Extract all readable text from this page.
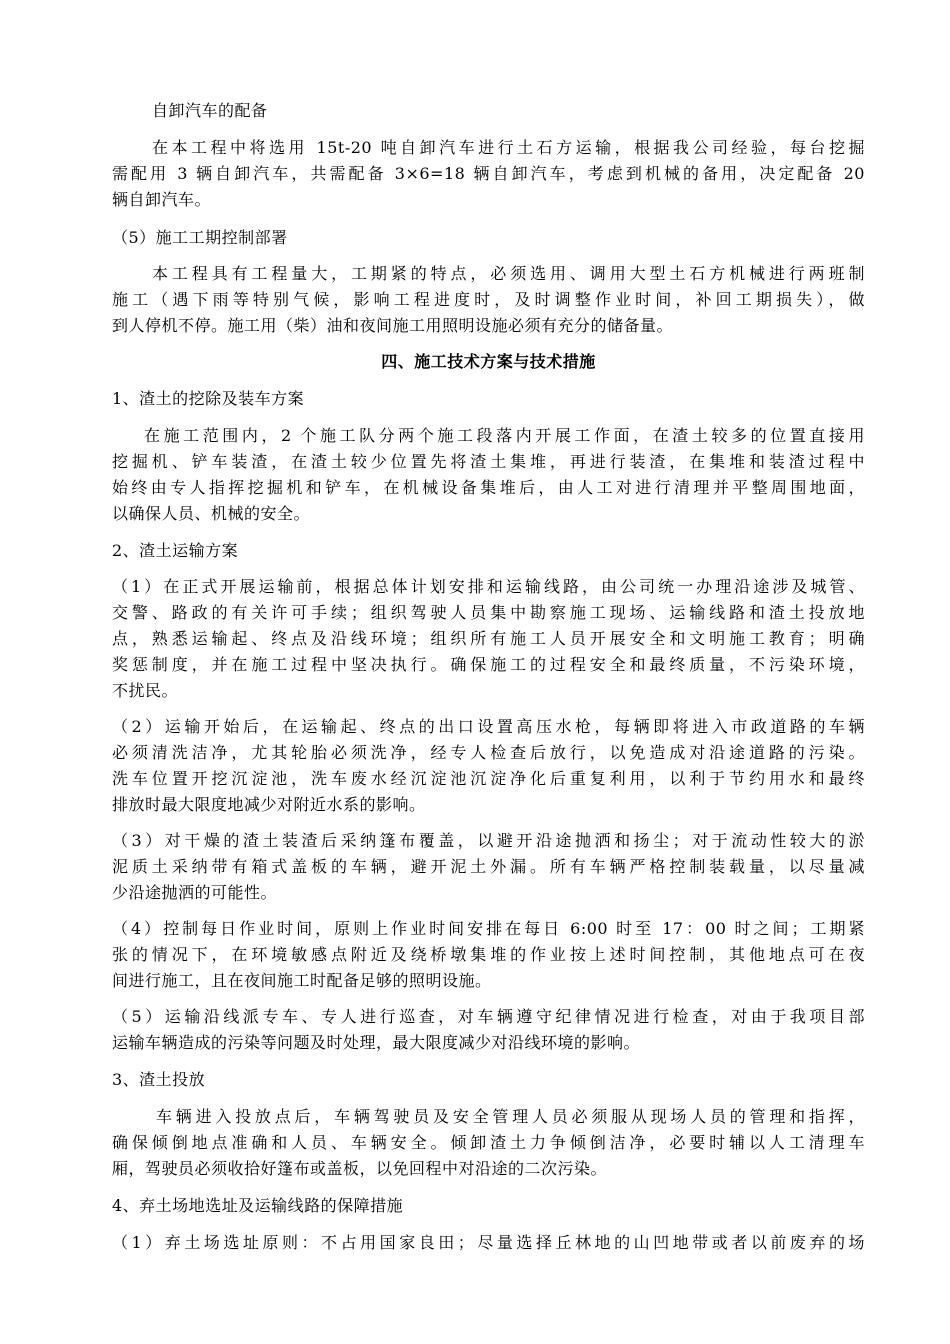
自卸汽车的配备
在本工程中将选用 15t-20 吨自卸汽车进行土石方运输，根据我公司经验，每台挖掘
需配用 3 辆自卸汽车，共需配备 3×6=18 辆自卸汽车，考虑到机械的备用，决定配备 20
辆自卸汽车。
（5）施工工期控制部署
本工程具有工程量大，工期紧的特点，必须选用、调用大型土石方机械进行两班制
施工（遇下雨等特别气候，影响工程进度时，及时调整作业时间，补回工期损失），做
到人停机不停。施工用（柴）油和夜间施工用照明设施必须有充分的储备量。
四、施工技术方案与技术措施
1、渣土的挖除及装车方案
在施工范围内，2 个施工队分两个施工段落内开展工作面，在渣土较多的位置直接用
挖掘机、铲车装渣，在渣土较少位置先将渣土集堆，再进行装渣，在集堆和装渣过程中
始终由专人指挥挖掘机和铲车，在机械设备集堆后，由人工对进行清理并平整周围地面，
以确保人员、机械的安全。
2、渣土运输方案
（1）在正式开展运输前，根据总体计划安排和运输线路，由公司统一办理沿途涉及城管、
交警、路政的有关许可手续；组织驾驶人员集中勘察施工现场、运输线路和渣土投放地
点，熟悉运输起、终点及沿线环境；组织所有施工人员开展安全和文明施工教育；明确
奖惩制度，并在施工过程中坚决执行。确保施工的过程安全和最终质量，不污染环境，
不扰民。
（2）运输开始后，在运输起、终点的出口设置高压水枪，每辆即将进入市政道路的车辆
必须清洗洁净，尤其轮胎必须洗净，经专人检查后放行，以免造成对沿途道路的污染。
洗车位置开挖沉淀池，洗车废水经沉淀池沉淀净化后重复利用，以利于节约用水和最终
排放时最大限度地减少对附近水系的影响。
（3）对干燥的渣土装渣后采纳篷布覆盖，以避开沿途抛洒和扬尘；对于流动性较大的淤
泥质土采纳带有箱式盖板的车辆，避开泥土外漏。所有车辆严格控制装载量，以尽量减
少沿途抛洒的可能性。
（4）控制每日作业时间，原则上作业时间安排在每日 6:00 时至 17：00 时之间；工期紧
张的情况下，在环境敏感点附近及绕桥墩集堆的作业按上述时间控制，其他地点可在夜
间进行施工，且在夜间施工时配备足够的照明设施。
（5）运输沿线派专车、专人进行巡查，对车辆遵守纪律情况进行检查，对由于我项目部
运输车辆造成的污染等问题及时处理，最大限度减少对沿线环境的影响。
3、渣土投放
车辆进入投放点后，车辆驾驶员及安全管理人员必须服从现场人员的管理和指挥，
确保倾倒地点准确和人员、车辆安全。倾卸渣土力争倾倒洁净，必要时辅以人工清理车
厢，驾驶员必须收拾好篷布或盖板，以免回程中对沿途的二次污染。
4、弃土场地选址及运输线路的保障措施
（1）弃土场选址原则：不占用国家良田；尽量选择丘林地的山凹地带或者以前废弃的场
